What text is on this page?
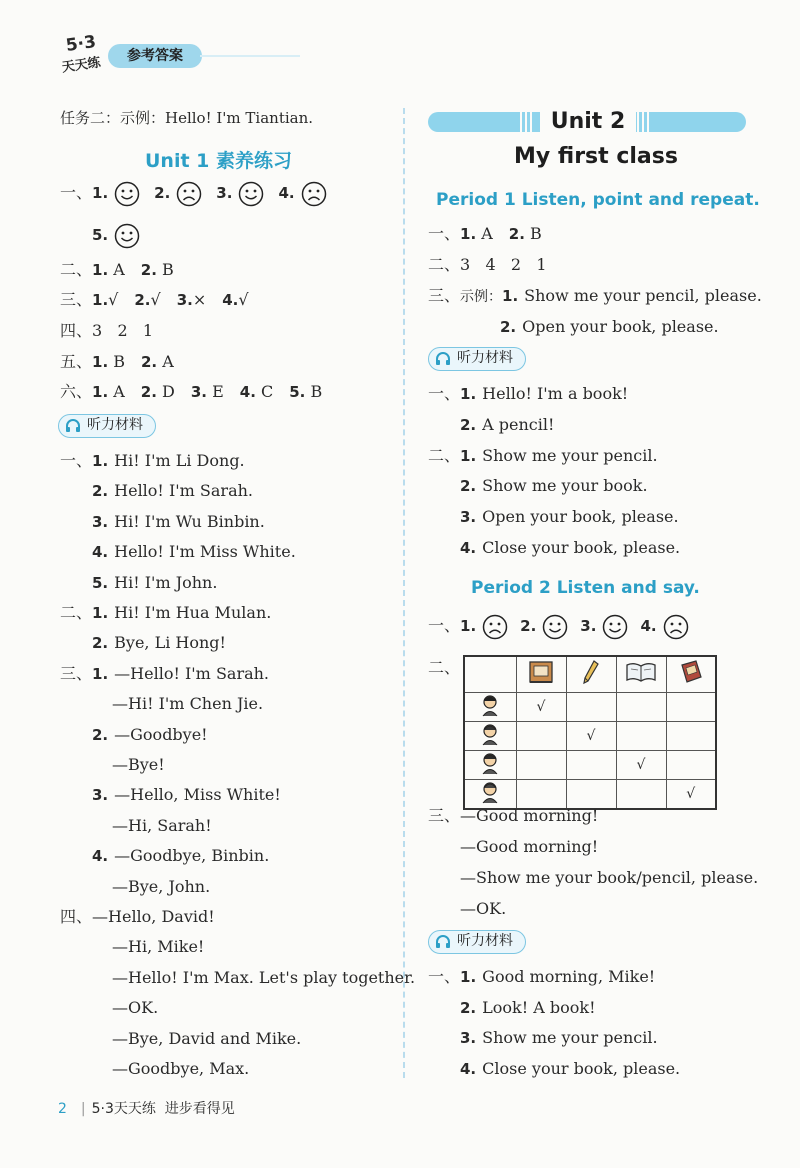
5·3
天天练	参考答案
任务二：示例：Hello! I'm Tiantian.
Unit 1 素养练习
一、1.	2.	3.	4.
5.
二、1. A 2. B
三、1.√ 2.√ 3.× 4.√
四、3   2   1
五、1. B 2. A
六、1. A 2. D 3. E 4. C 5. B
听力材料
一、1. Hi! I'm Li Dong.
2. Hello! I'm Sarah.
3. Hi! I'm Wu Binbin.
4. Hello! I'm Miss White.
5. Hi! I'm John.
二、1. Hi! I'm Hua Mulan.
2. Bye, Li Hong!
三、1. —Hello! I'm Sarah.
—Hi! I'm Chen Jie.
2. —Goodbye!
—Bye!
3. —Hello, Miss White!
—Hi, Sarah!
4. —Goodbye, Binbin.
—Bye, John.
四、—Hello, David!
—Hi, Mike!
—Hello! I'm Max. Let's play together.
—OK.
—Bye, David and Mike.
—Goodbye, Max.
Unit 2
My first class
Period 1 Listen, point and repeat.
Period 2 Listen and say.

	√			
		√		
			√	
				√
一、1. A 2. B
二、3   4   2   1
三、示例：1. Show me your pencil, please.
2. Open your book, please.
听力材料
一、1. Hello! I'm a book!
2. A pencil!
二、1. Show me your pencil.
2. Show me your book.
3. Open your book, please.
4. Close your book, please.
一、1.	2.	3.	4.
二、
三、—Good morning!
—Good morning!
—Show me your book/pencil, please.
—OK.
听力材料
一、1. Good morning, Mike!
2. Look! A book!
3. Show me your pencil.
4. Close your book, please.
2 | 5·3天天练  进步看得见
